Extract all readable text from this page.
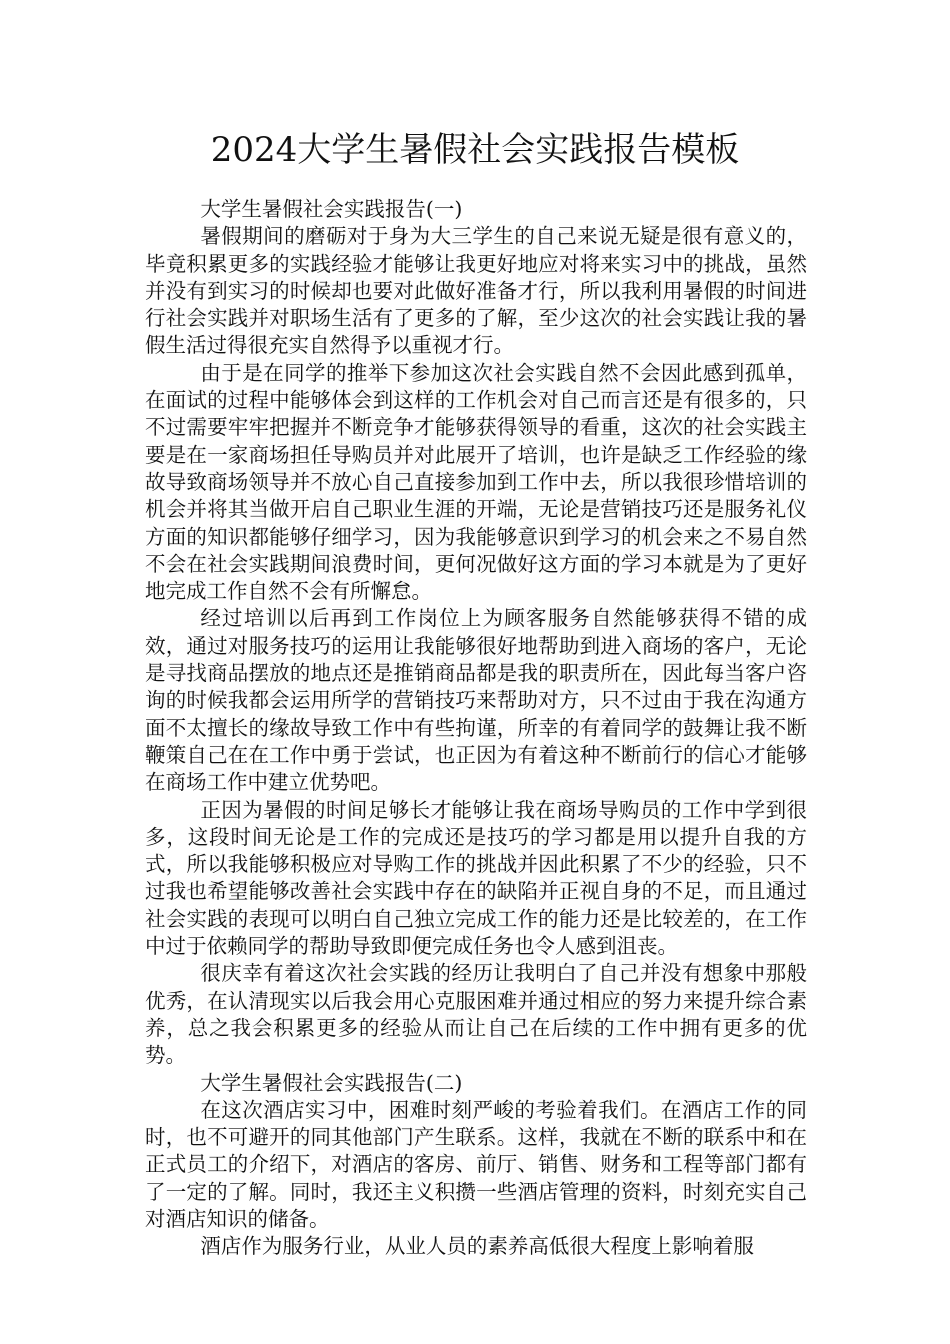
2024大学生暑假社会实践报告模板

大学生暑假社会实践报告(一)

暑假期间的磨砺对于身为大三学生的自己来说无疑是很有意义的，毕竟积累更多的实践经验才能够让我更好地应对将来实习中的挑战，虽然并没有到实习的时候却也要对此做好准备才行，所以我利用暑假的时间进行社会实践并对职场生活有了更多的了解，至少这次的社会实践让我的暑假生活过得很充实自然得予以重视才行。

由于是在同学的推举下参加这次社会实践自然不会因此感到孤单，在面试的过程中能够体会到这样的工作机会对自己而言还是有很多的，只不过需要牢牢把握并不断竞争才能够获得领导的看重，这次的社会实践主要是在一家商场担任导购员并对此展开了培训，也许是缺乏工作经验的缘故导致商场领导并不放心自己直接参加到工作中去，所以我很珍惜培训的机会并将其当做开启自己职业生涯的开端，无论是营销技巧还是服务礼仪方面的知识都能够仔细学习，因为我能够意识到学习的机会来之不易自然不会在社会实践期间浪费时间，更何况做好这方面的学习本就是为了更好地完成工作自然不会有所懈怠。

经过培训以后再到工作岗位上为顾客服务自然能够获得不错的成效，通过对服务技巧的运用让我能够很好地帮助到进入商场的客户，无论是寻找商品摆放的地点还是推销商品都是我的职责所在，因此每当客户咨询的时候我都会运用所学的营销技巧来帮助对方，只不过由于我在沟通方面不太擅长的缘故导致工作中有些拘谨，所幸的有着同学的鼓舞让我不断鞭策自己在在工作中勇于尝试，也正因为有着这种不断前行的信心才能够在商场工作中建立优势吧。

正因为暑假的时间足够长才能够让我在商场导购员的工作中学到很多，这段时间无论是工作的完成还是技巧的学习都是用以提升自我的方式，所以我能够积极应对导购工作的挑战并因此积累了不少的经验，只不过我也希望能够改善社会实践中存在的缺陷并正视自身的不足，而且通过社会实践的表现可以明白自己独立完成工作的能力还是比较差的，在工作中过于依赖同学的帮助导致即便完成任务也令人感到沮丧。

很庆幸有着这次社会实践的经历让我明白了自己并没有想象中那般优秀，在认清现实以后我会用心克服困难并通过相应的努力来提升综合素养，总之我会积累更多的经验从而让自己在后续的工作中拥有更多的优势。

大学生暑假社会实践报告(二)

在这次酒店实习中，困难时刻严峻的考验着我们。在酒店工作的同时，也不可避开的同其他部门产生联系。这样，我就在不断的联系中和在正式员工的介绍下，对酒店的客房、前厅、销售、财务和工程等部门都有了一定的了解。同时，我还主义积攒一些酒店管理的资料，时刻充实自己对酒店知识的储备。

酒店作为服务行业，从业人员的素养高低很大程度上影响着服
